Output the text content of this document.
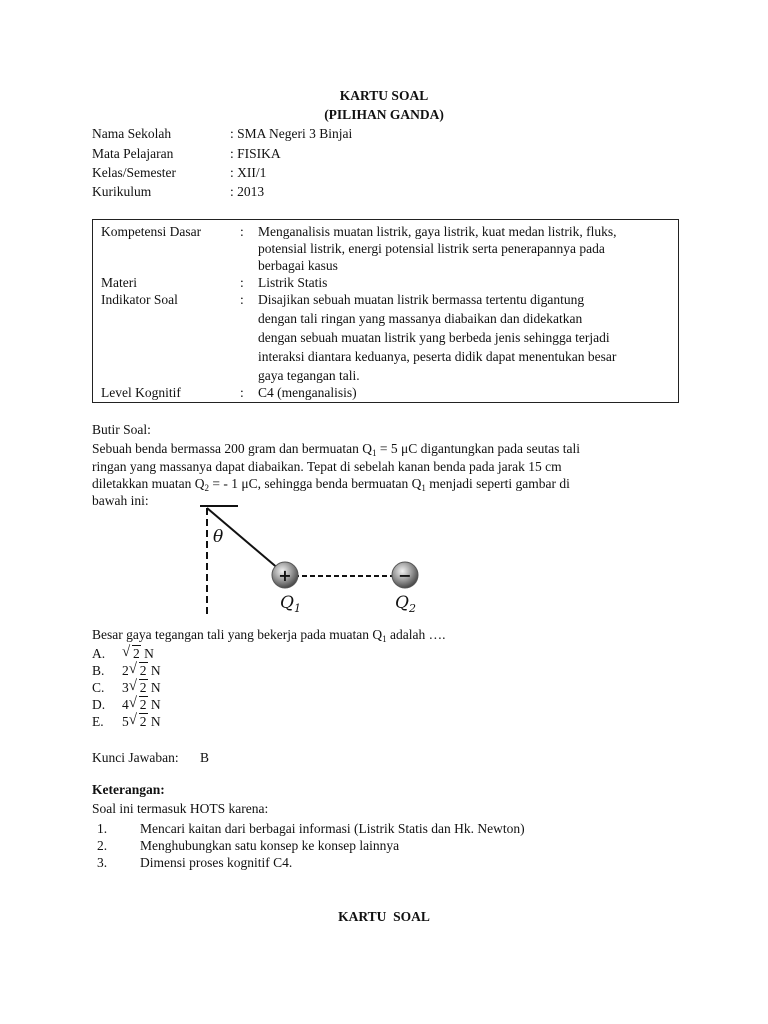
KARTU SOAL
(PILIHAN GANDA)
Nama Sekolah	: SMA Negeri 3 Binjai
Mata Pelajaran	: FISIKA
Kelas/Semester	: XII/1
Kurikulum	: 2013
Kompetensi Dasar	: Menganalisis muatan listrik, gaya listrik, kuat medan listrik, fluks,
potensial listrik, energi potensial listrik serta penerapannya pada
berbagai kasus
Materi	: Listrik Statis
Indikator Soal	: Disajikan sebuah muatan listrik bermassa tertentu digantung
dengan tali ringan yang massanya diabaikan dan didekatkan
dengan sebuah muatan listrik yang berbeda jenis sehingga terjadi
interaksi diantara keduanya, peserta didik dapat menentukan besar
gaya tegangan tali.
Level Kognitif	: C4 (menganalisis)
Butir Soal:
Sebuah benda bermassa 200 gram dan bermuatan $Q_1 = 5$ μC digantungkan pada seutas tali
ringan yang massanya dapat diabaikan. Tepat di sebelah kanan benda pada jarak 15 cm
diletakkan muatan $Q_2$ = - 1 μC, sehingga benda bermuatan $Q_1$ menjadi seperti gambar di
bawah ini:
θ
+	−
Q 1	Q 2
Besar gaya tegangan tali yang bekerja pada muatan $Q_1$ adalah ….
A. √ 2 N
B. 2 √ 2 N
C. 3 √ 2 N
D. 4 √ 2 N
E. 5 √ 2 N
Kunci Jawaban: B
Keterangan:
Soal ini termasuk HOTS karena:
1. Mencari kaitan dari berbagai informasi (Listrik Statis dan Hk. Newton)
2. Menghubungkan satu konsep ke konsep lainnya
3. Dimensi proses kognitif C4.
KARTU  SOAL
